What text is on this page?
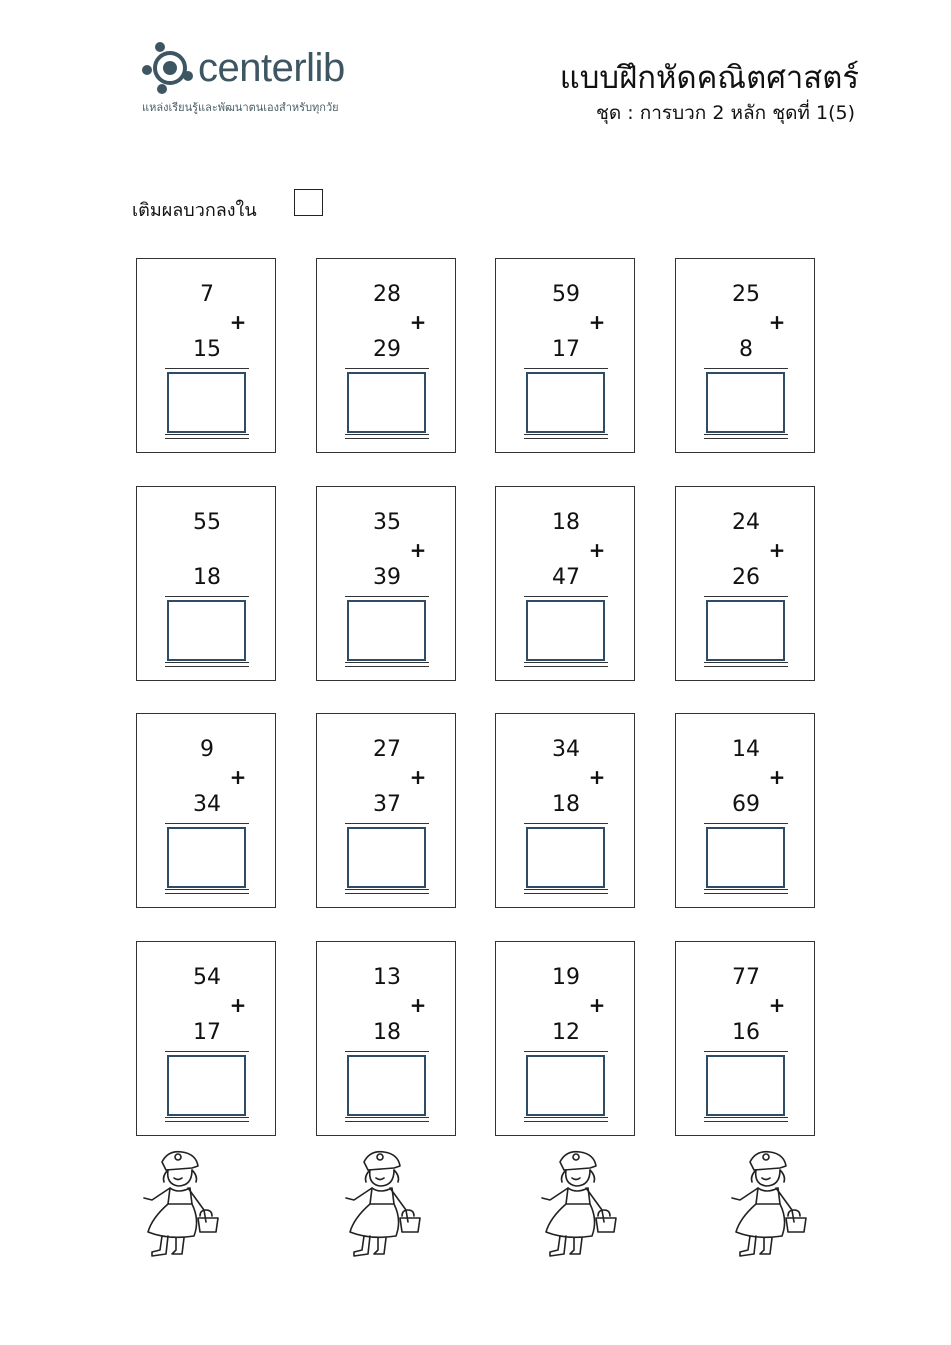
centerlib
แหล่งเรียนรู้และพัฒนาตนเองสำหรับทุกวัย
แบบฝึกหัดคณิตศาสตร์
ชุด : การบวก 2 หลัก ชุดที่ 1(5)
เติมผลบวกลงใน
7
+
15
28
+
29
59
+
17
25
+
8
55
18
35
+
39
18
+
47
24
+
26
9
+
34
27
+
37
34
+
18
14
+
69
54
+
17
13
+
18
19
+
12
77
+
16
